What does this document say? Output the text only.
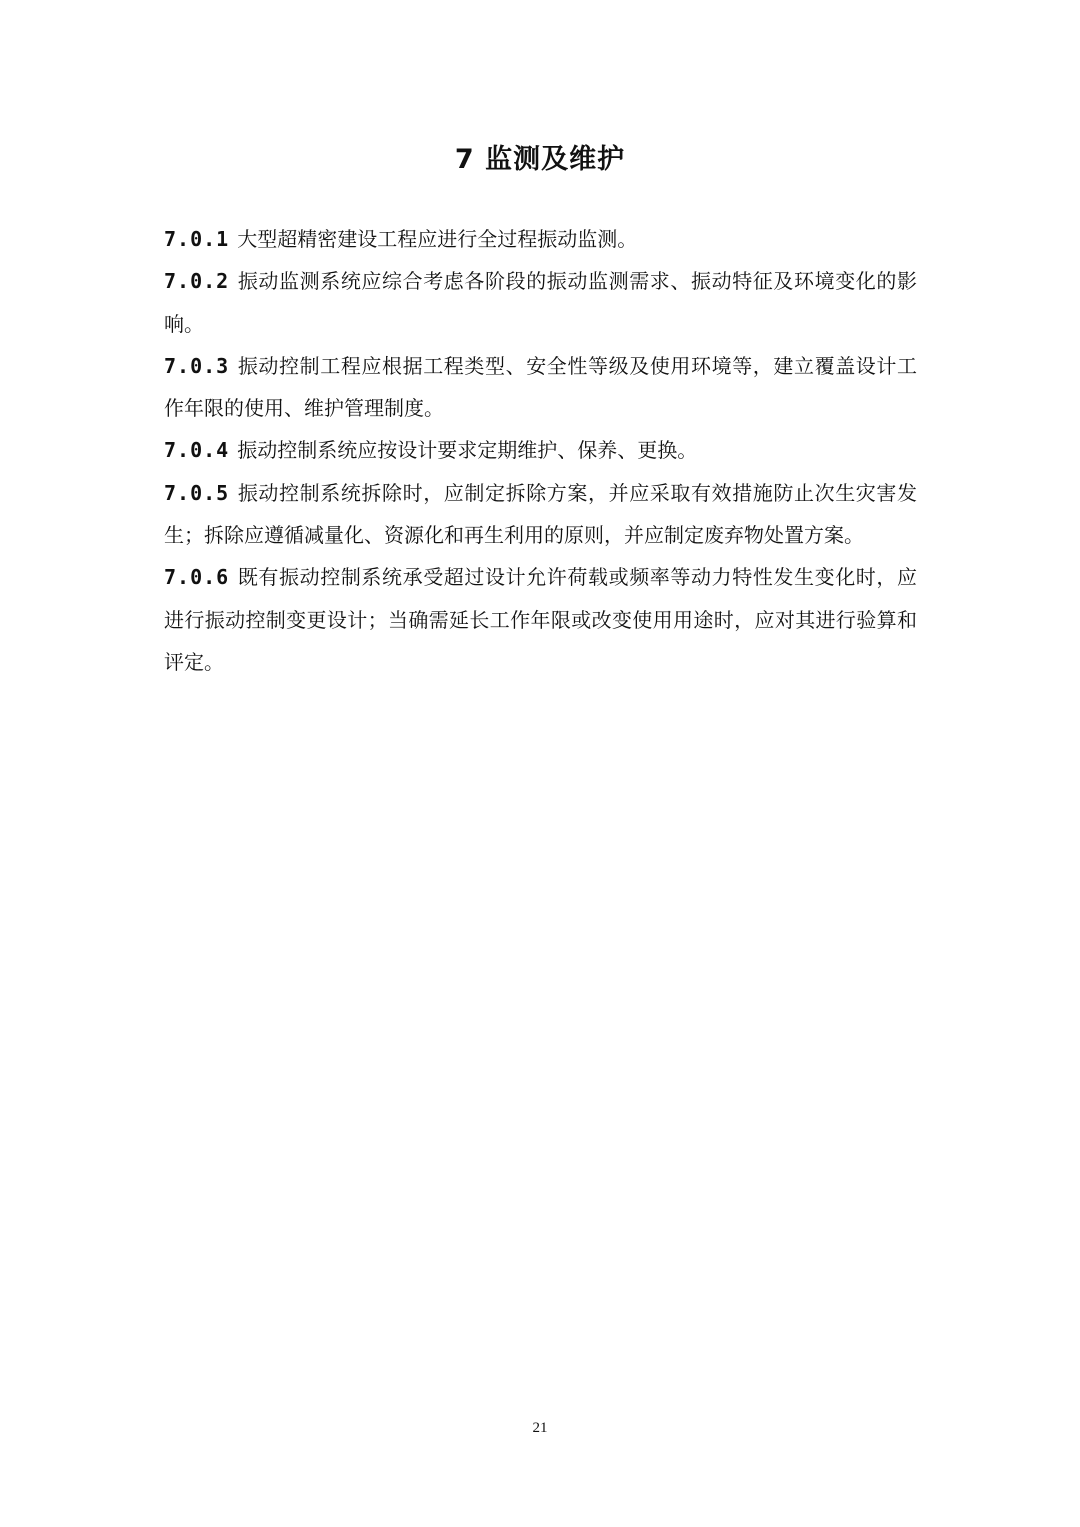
7 监测及维护
7.0.1 大型超精密建设工程应进行全过程振动监测。
7.0.2 振动监测系统应综合考虑各阶段的振动监测需求、振动特征及环境变化的影响。
7.0.3 振动控制工程应根据工程类型、安全性等级及使用环境等，建立覆盖设计工作年限的使用、维护管理制度。
7.0.4 振动控制系统应按设计要求定期维护、保养、更换。
7.0.5 振动控制系统拆除时，应制定拆除方案，并应采取有效措施防止次生灾害发生；拆除应遵循减量化、资源化和再生利用的原则，并应制定废弃物处置方案。
7.0.6 既有振动控制系统承受超过设计允许荷载或频率等动力特性发生变化时，应进行振动控制变更设计；当确需延长工作年限或改变使用用途时，应对其进行验算和评定。
21
